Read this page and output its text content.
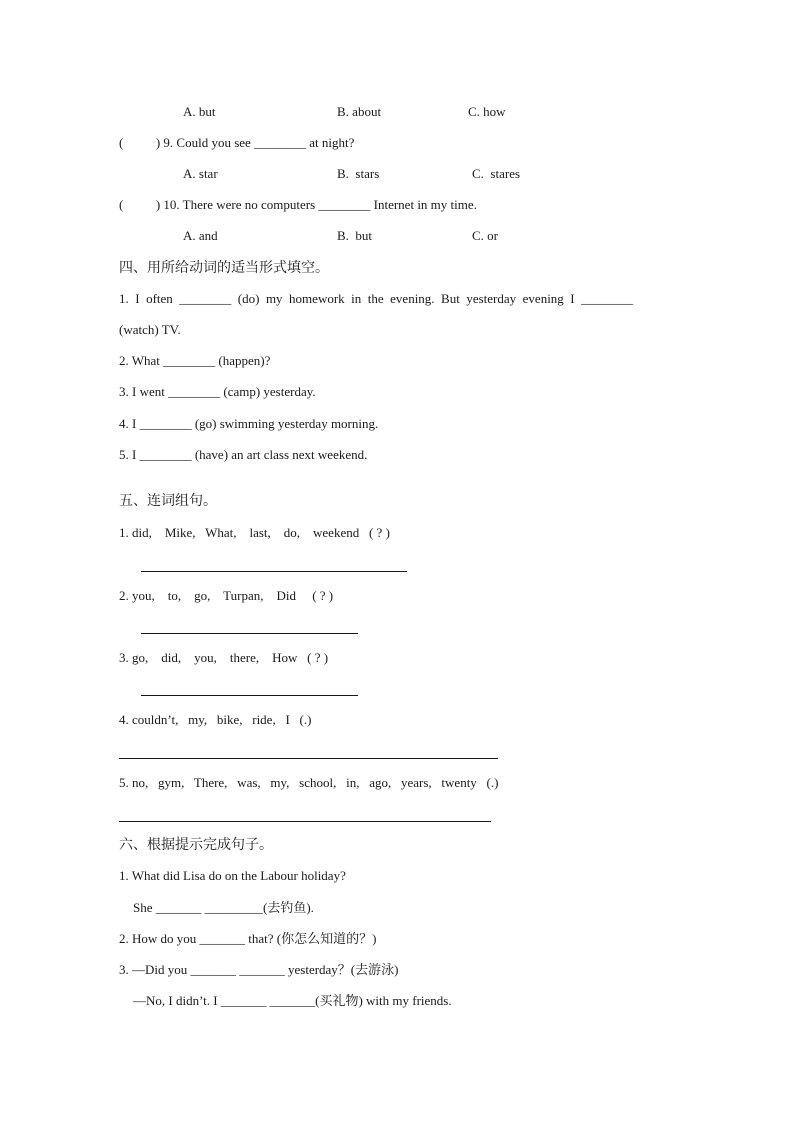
A. but	B. about	C. how
(          ) 9. Could you see ________ at night?
A. star	B.  stars	C.  stares
(          ) 10. There were no computers ________ Internet in my time.
A. and	B.  but	C. or
四、用所给动词的适当形式填空。
1.  I  often  ________  (do)  my  homework  in  the  evening.  But  yesterday  evening  I  ________
(watch) TV.
2. What ________ (happen)?
3. I went ________ (camp) yesterday.
4. I ________ (go) swimming yesterday morning.
5. I ________ (have) an art class next weekend.
五、连词组句。
1. did,    Mike,   What,    last,    do,    weekend   ( ? )
2. you,    to,    go,    Turpan,    Did     ( ? )
3. go,    did,    you,    there,    How   ( ? )
4. couldn’t,   my,   bike,   ride,   I   (.)
5. no,   gym,   There,   was,   my,   school,   in,   ago,   years,   twenty   (.)
六、根据提示完成句子。
1. What did Lisa do on the Labour holiday?
She _______ _________(去钓鱼).
2. How do you _______ that? (你怎么知道的？)
3. —Did you _______ _______ yesterday？(去游泳)
—No, I didn’t. I _______ _______(买礼物) with my friends.
